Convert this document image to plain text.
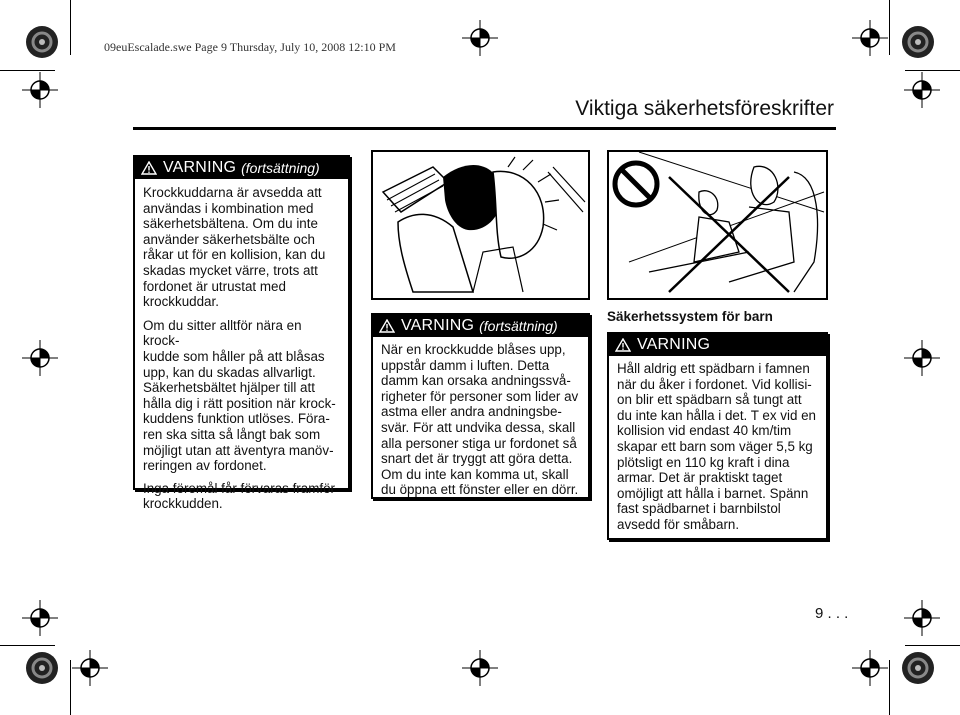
09euEscalade.swe Page 9 Thursday, July 10, 2008 12:10 PM
Viktiga säkerhetsföreskrifter
VARNING (fortsättning)

Krockkuddarna är avsedda att
användas i kombination med
säkerhetsbältena. Om du inte
använder säkerhetsbälte och
råkar ut för en kollision, kan du
skadas mycket värre, trots att
fordonet är utrustat med
krockkuddar.

Om du sitter alltför nära en krock-
kudde som håller på att blåsas
upp, kan du skadas allvarligt.
Säkerhetsbältet hjälper till att
hålla dig i rätt position när krock-
kuddens funktion utlöses. Föra-
ren ska sitta så långt bak som
möjligt utan att äventyra manöv-
reringen av fordonet.

Inga föremål får förvaras framför
krockkudden.

VARNING (fortsättning)

När en krockkudde blåses upp,
uppstår damm i luften. Detta
damm kan orsaka andningssvå-
righeter för personer som lider av
astma eller andra andningsbe-
svär. För att undvika dessa, skall
alla personer stiga ur fordonet så
snart det är tryggt att göra detta.
Om du inte kan komma ut, skall
du öppna ett fönster eller en dörr.

Säkerhetssystem för barn
VARNING

Håll aldrig ett spädbarn i famnen
när du åker i fordonet. Vid kollisi-
on blir ett spädbarn så tungt att
du inte kan hålla i det. T ex vid en
kollision vid endast 40 km/tim
skapar ett barn som väger 5,5 kg
plötsligt en 110 kg kraft i dina
armar. Det är praktiskt taget
omöjligt att hålla i barnet. Spänn
fast spädbarnet i barnbilstol
avsedd för småbarn.

9 . . .
